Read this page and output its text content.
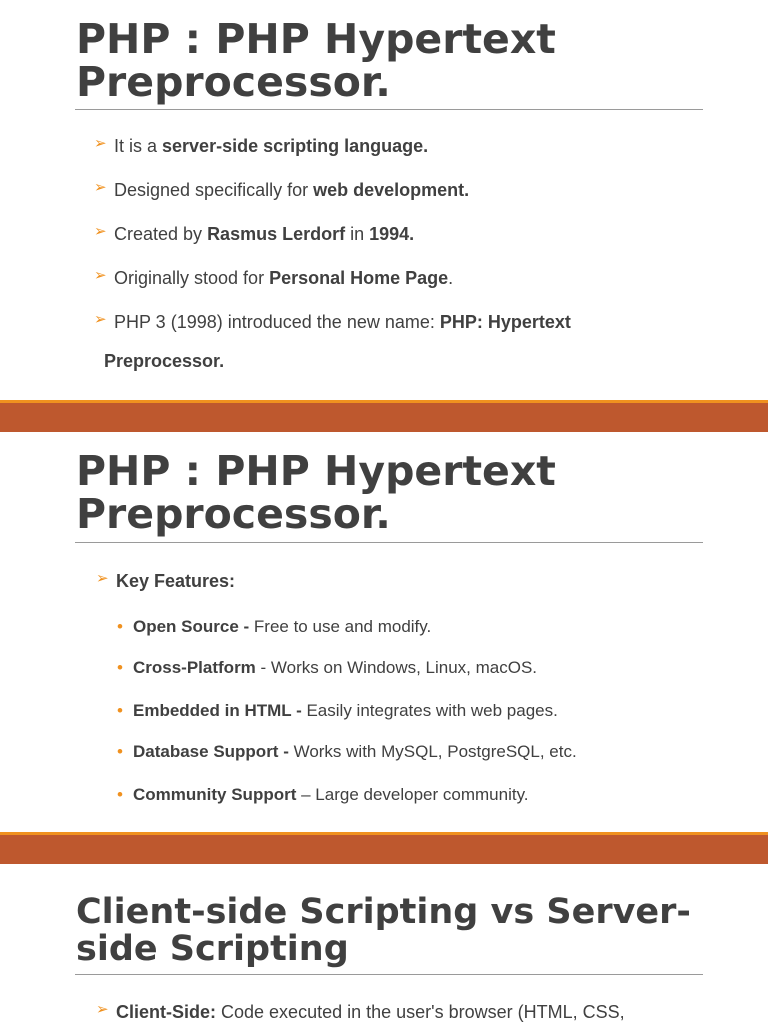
PHP : PHP Hypertext Preprocessor.
➢ It is a server-side scripting language.
➢ Designed specifically for web development.
➢ Created by Rasmus Lerdorf in 1994.
➢ Originally stood for Personal Home Page.
➢ PHP 3 (1998) introduced the new name: PHP: Hypertext
Preprocessor.
PHP : PHP Hypertext Preprocessor.
➢ Key Features:
• Open Source - Free to use and modify.
• Cross-Platform - Works on Windows, Linux, macOS.
• Embedded in HTML - Easily integrates with web pages.
• Database Support - Works with MySQL, PostgreSQL, etc.
• Community Support – Large developer community.
Client-side Scripting vs Server-side Scripting
➢ Client-Side: Code executed in the user's browser (HTML, CSS,
